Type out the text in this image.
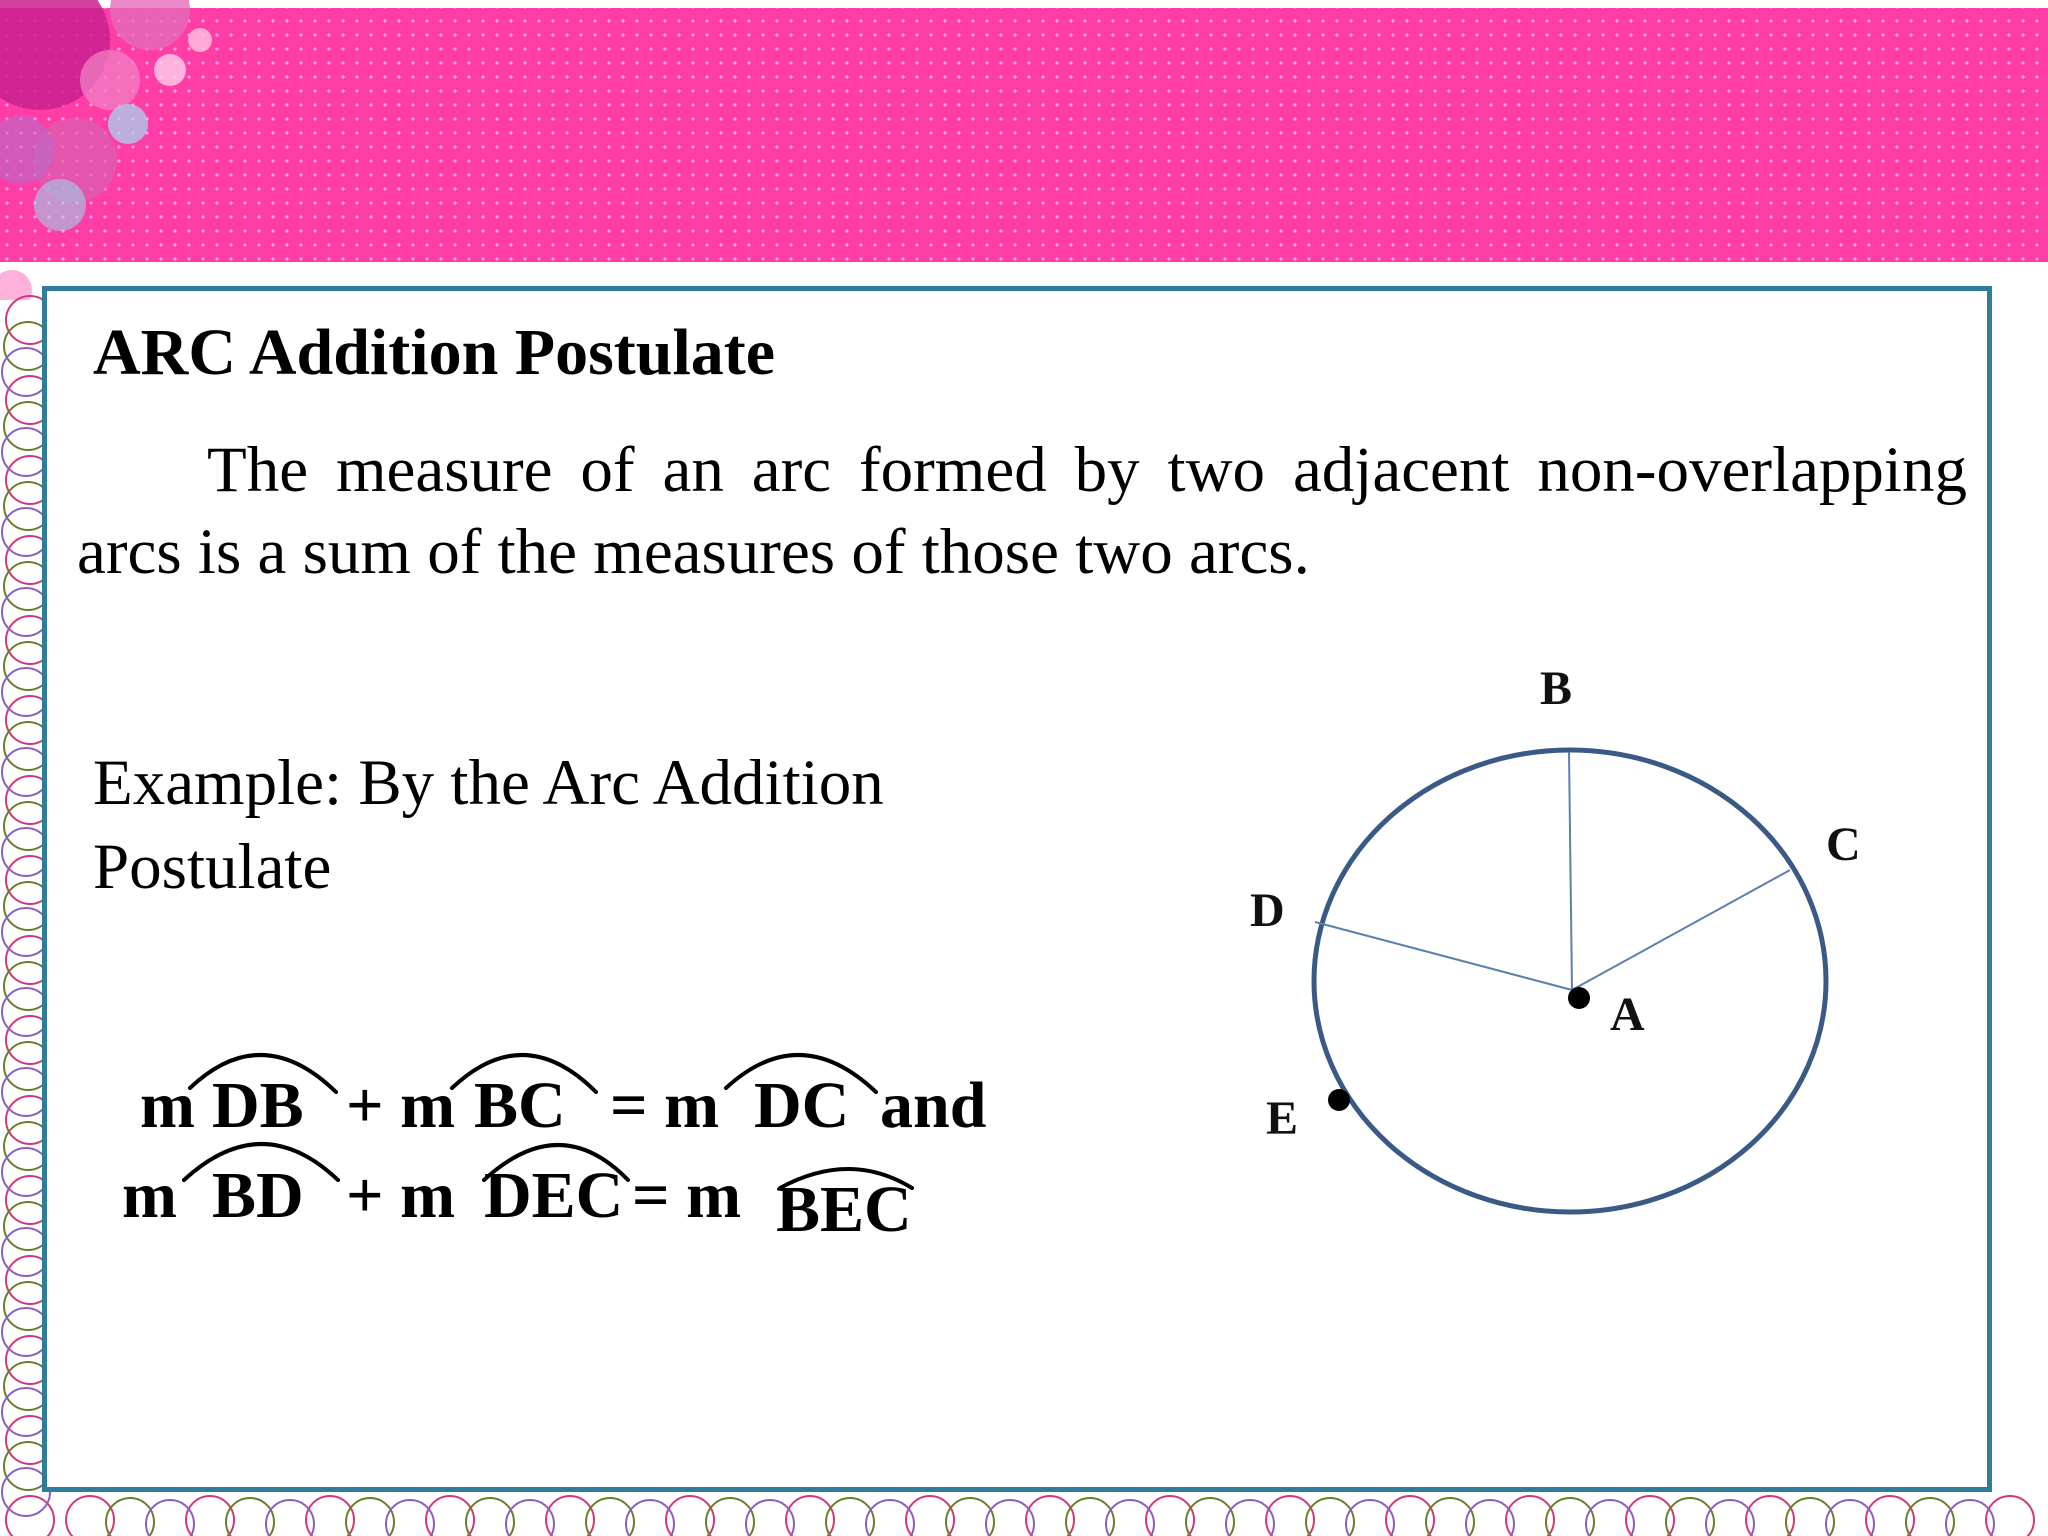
ARC Addition Postulate

The measure of an arc formed by two adjacent non-overlapping arcs is a sum of the measures of those two arcs.

Example: By the Arc Addition Postulate

m DB + m BC = m DC and
m BD + m DEC = m BEC
B
C
D
A
E
